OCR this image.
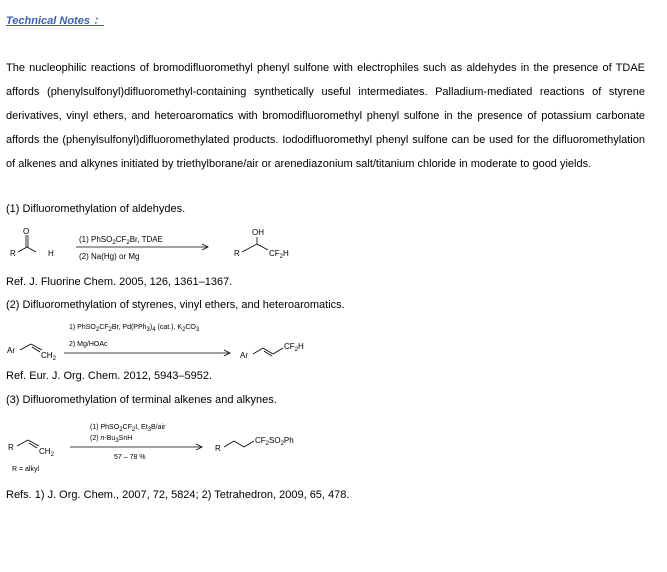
Technical Notes ：

The nucleophilic reactions of bromodifluoromethyl phenyl sulfone with electrophiles such as aldehydes in the presence of TDAE affords (phenylsulfonyl)difluoromethyl-containing synthetically useful intermediates. Palladium-mediated reactions of styrene derivatives, vinyl ethers, and heteroaromatics with bromodifluoromethyl phenyl sulfone in the presence of potassium carbonate affords the (phenylsulfonyl)difluoromethylated products. Iododifluoromethyl phenyl sulfone can be used for the difluoromethylation of alkenes and alkynes initiated by triethylborane/air or arenediazonium salt/titanium chloride in moderate to good yields.

(1) Difluoromethylation of aldehydes.
R
O
H
(1) $PhSO_2CF_2Br$, TDAE
(2) Na(Hg) or Mg	R
OH
$CF_2H$
Ref. J. Fluorine Chem. 2005, 126, 1361–1367.
(2) Difluoromethylation of styrenes, vinyl ethers, and heteroaromatics.
Ar
$CH_2$
1) PhSO2CF2Br, Pd(PPh3)4 (cat.), K2CO3
2) Mg/HOAc
Ar
$CF_2H$
Ref. Eur. J. Org. Chem. 2012, 5943–5952.
(3) Difluoromethylation of terminal alkenes and alkynes.
R	$CH_2$
R = alkyl
(1) PhSO2CF2I, Et3B/air
(2) n-Bu3SnH
57 – 78 %
R
$CF_2SO_2Ph$
Refs. 1) J. Org. Chem., 2007, 72, 5824; 2) Tetrahedron, 2009, 65, 478.
